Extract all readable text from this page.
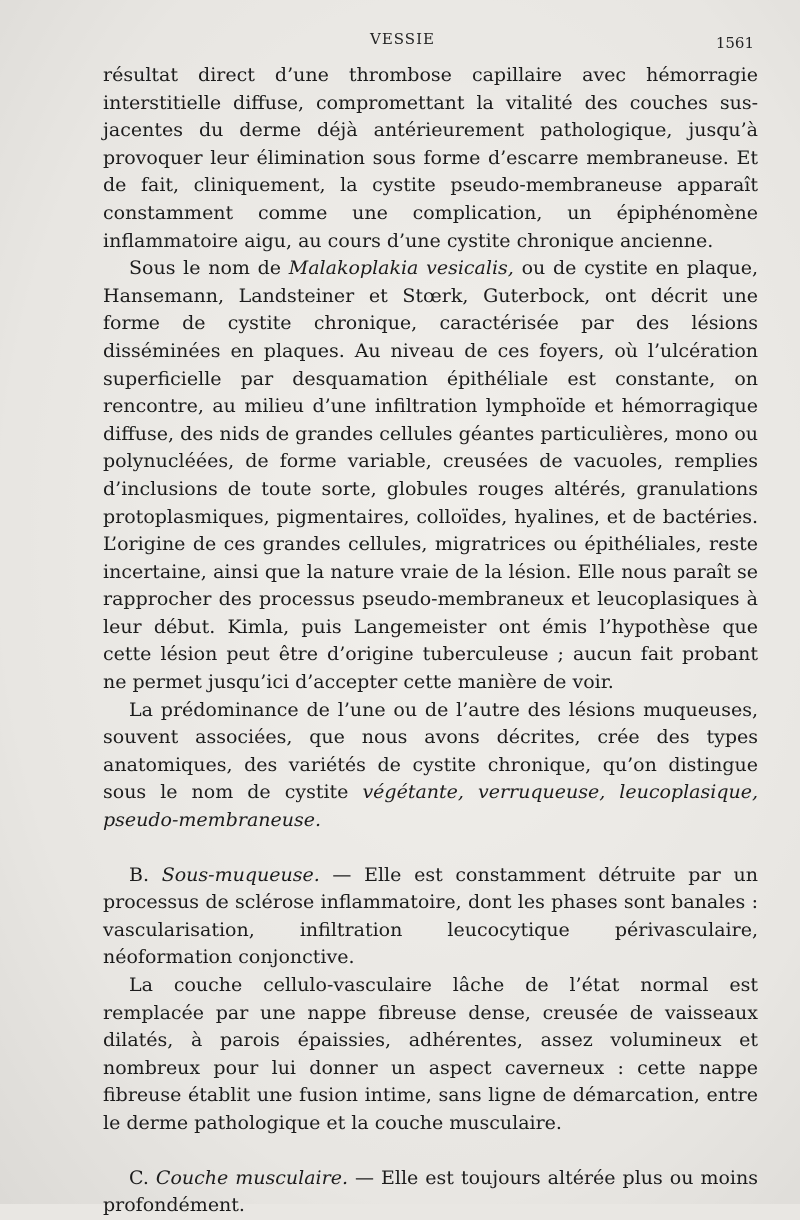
VESSIE	1561

résultat direct d’une thrombose capillaire avec hémorragie interstitielle diffuse, compromettant la vitalité des couches sus-jacentes du derme déjà antérieurement pathologique, jusqu’à provoquer leur élimination sous forme d’escarre membraneuse. Et de fait, cliniquement, la cystite pseudo-membraneuse apparaît constamment comme une complication, un épiphénomène inflammatoire aigu, au cours d’une cystite chronique ancienne.

Sous le nom de Malakoplakia vesicalis, ou de cystite en plaque, Hansemann, Landsteiner et Stœrk, Guterbock, ont décrit une forme de cystite chronique, caractérisée par des lésions disséminées en plaques. Au niveau de ces foyers, où l’ulcération superficielle par desquamation épithéliale est constante, on rencontre, au milieu d’une infiltration lymphoïde et hémorragique diffuse, des nids de grandes cellules géantes particulières, mono ou polynucléées, de forme variable, creusées de vacuoles, remplies d’inclusions de toute sorte, globules rouges altérés, granulations protoplasmiques, pigmentaires, colloïdes, hyalines, et de bactéries. L’origine de ces grandes cellules, migratrices ou épithéliales, reste incertaine, ainsi que la nature vraie de la lésion. Elle nous paraît se rapprocher des processus pseudo-membraneux et leucoplasiques à leur début. Kimla, puis Langemeister ont émis l’hypothèse que cette lésion peut être d’origine tuberculeuse ; aucun fait probant ne permet jusqu’ici d’accepter cette manière de voir.

La prédominance de l’une ou de l’autre des lésions muqueuses, souvent associées, que nous avons décrites, crée des types anatomiques, des variétés de cystite chronique, qu’on distingue sous le nom de cystite végétante, verruqueuse, leucoplasique, pseudo-membraneuse.

B. Sous-muqueuse. — Elle est constamment détruite par un processus de sclérose inflammatoire, dont les phases sont banales : vascularisation, infiltration leucocytique périvasculaire, néoformation conjonctive.

La couche cellulo-vasculaire lâche de l’état normal est remplacée par une nappe fibreuse dense, creusée de vaisseaux dilatés, à parois épaissies, adhérentes, assez volumineux et nombreux pour lui donner un aspect caverneux : cette nappe fibreuse établit une fusion intime, sans ligne de démarcation, entre le derme pathologique et la couche musculaire.

C. Couche musculaire. — Elle est toujours altérée plus ou moins profondément.
